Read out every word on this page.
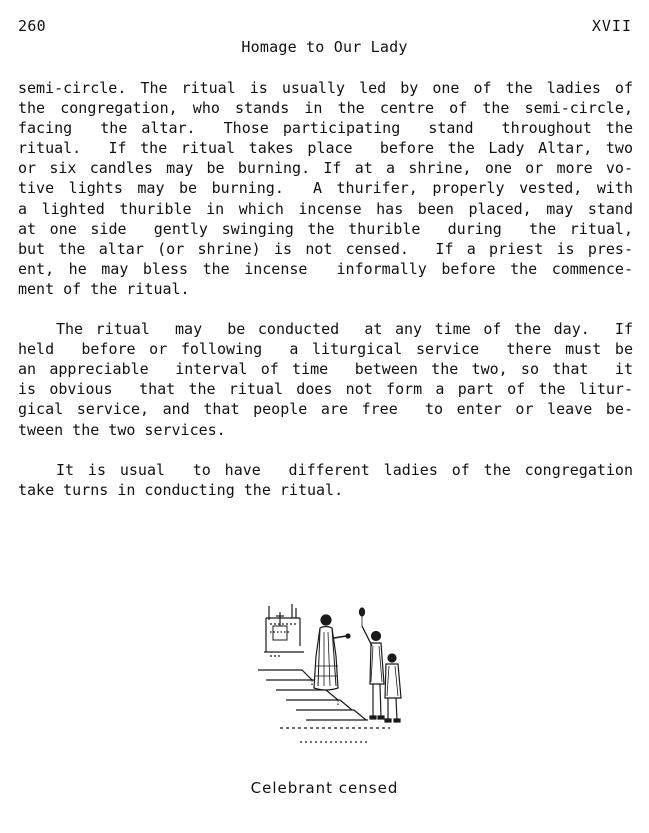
260	XVII
Homage to Our Lady
semi-circle. The ritual is usually led by one of the ladies of
the congregation, who stands in the centre of the semi-circle,
facing  the altar.  Those participating  stand  throughout the
ritual.  If the ritual takes place  before the Lady Altar, two
or six candles may be burning. If at a shrine, one or more vo-
tive lights may be burning.  A thurifer, properly vested, with
a lighted thurible in which incense has been placed, may stand
at one side  gently swinging the thurible  during  the ritual,
but the altar (or shrine) is not censed.  If a priest is pres-
ent, he may bless the incense  informally before the commence-
ment of the ritual.
The ritual  may  be conducted  at any time of the day.  If
held  before or following  a liturgical service  there must be
an appreciable  interval of time  between the two, so that  it
is obvious  that the ritual does not form a part of the litur-
gical service, and that people are free  to enter or leave be-
tween the two services.
It is usual  to have  different ladies of the congregation
take turns in conducting the ritual.
Celebrant censed
